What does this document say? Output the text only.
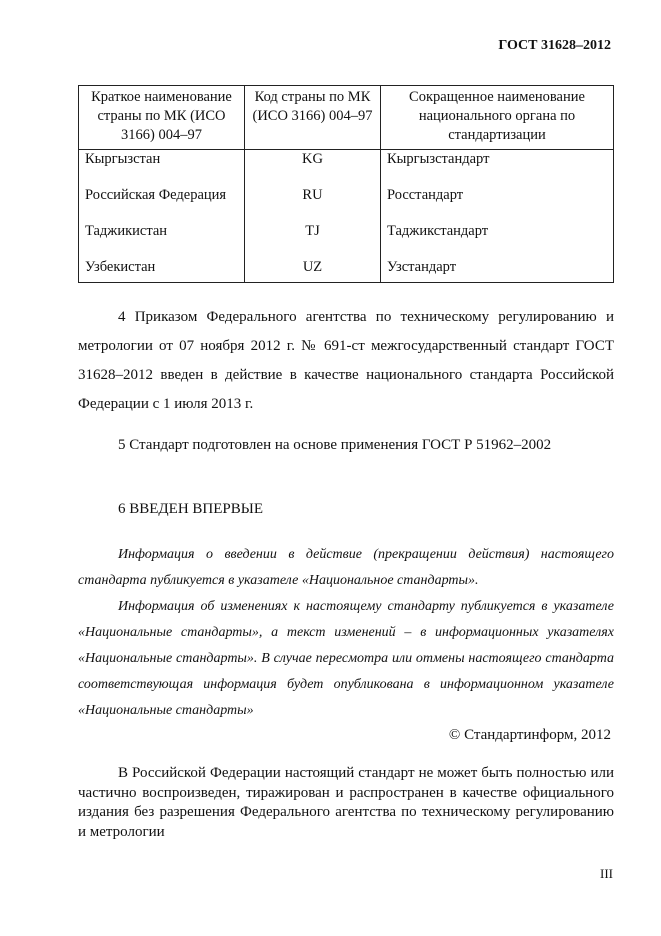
ГОСТ 31628–2012
Краткое наименование страны по МК (ИСО 3166) 004–97	Код страны по МК (ИСО 3166) 004–97	Сокращенное наименование национального органа по стандартизации
Кыргызстан	KG	Кыргызстандарт
Российская Федерация	RU	Росстандарт
Таджикистан	TJ	Таджикстандарт
Узбекистан	UZ	Узстандарт

4 Приказом Федерального агентства по техническому регулированию и метрологии от 07 ноября 2012 г. № 691-ст межгосударственный стандарт ГОСТ 31628–2012 введен в действие в качестве национального стандарта Российской Федерации с 1 июля 2013 г.

5 Стандарт подготовлен на основе применения ГОСТ Р 51962–2002

6 ВВЕДЕН ВПЕРВЫЕ

Информация о введении в действие (прекращении действия) настоящего стандарта публикуется в указателе «Национальное стандарты».

Информация об изменениях к настоящему стандарту публикуется в указателе «Национальные стандарты», а текст изменений – в информационных указателях «Национальные стандарты». В случае пересмотра или отмены настоящего стандарта соответствующая информация будет опубликована в информационном указателе «Национальные стандарты»

© Стандартинформ, 2012

В Российской Федерации настоящий стандарт не может быть полностью или частично воспроизведен, тиражирован и распространен в качестве официального издания без разрешения Федерального агентства по техническому регулированию и метрологии

III
